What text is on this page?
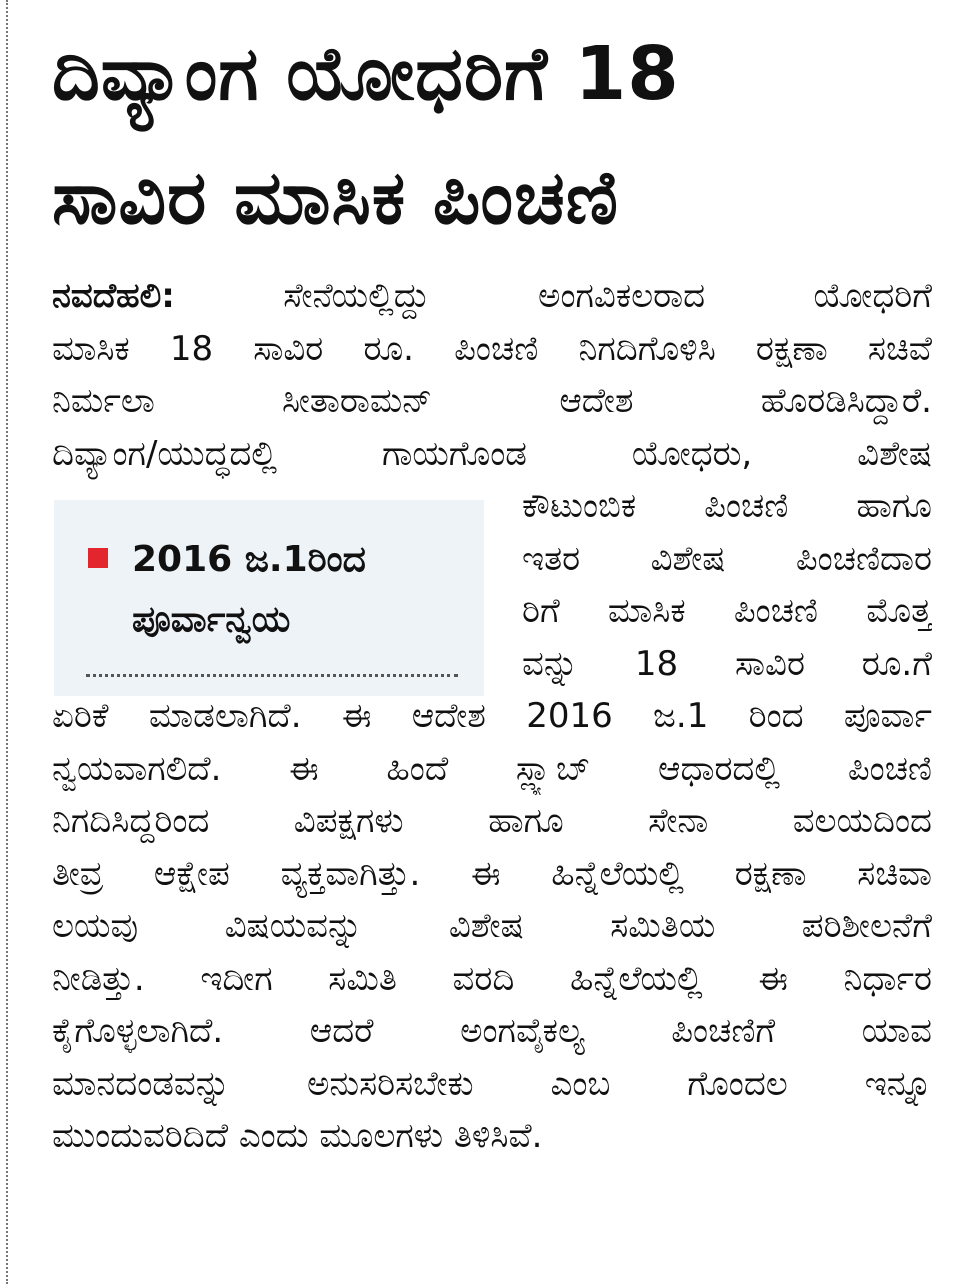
ದಿವ್ಯಾಂಗ ಯೋಧರಿಗೆ 18
ಸಾವಿರ ಮಾಸಿಕ ಪಿಂಚಣಿ
ನವದೆಹಲಿ:	ಸೇನೆಯಲ್ಲಿದ್ದು ಅಂಗವಿಕಲರಾದ ಯೋಧರಿಗೆ
ಮಾಸಿಕ 18 ಸಾವಿರ ರೂ. ಪಿಂಚಣಿ ನಿಗದಿಗೊಳಿಸಿ ರಕ್ಷಣಾ ಸಚಿವೆ
ನಿರ್ಮಲಾ ಸೀತಾರಾಮನ್ ಆದೇಶ ಹೊರಡಿಸಿದ್ದಾರೆ.
ದಿವ್ಯಾಂಗ/ಯುದ್ಧದಲ್ಲಿ ಗಾಯಗೊಂಡ ಯೋಧರು, ವಿಶೇಷ
ಕೌಟುಂಬಿಕ ಪಿಂಚಣಿ ಹಾಗೂ
ಇತರ ವಿಶೇಷ ಪಿಂಚಣಿದಾರ
ರಿಗೆ ಮಾಸಿಕ ಪಿಂಚಣಿ ಮೊತ್ತ
ವನ್ನು 18 ಸಾವಿರ ರೂ.ಗೆ
ಏರಿಕೆ ಮಾಡಲಾಗಿದೆ. ಈ ಆದೇಶ 2016 ಜ.1 ರಿಂದ ಪೂರ್ವಾ
ನ್ವಯವಾಗಲಿದೆ. ಈ ಹಿಂದೆ ಸ್ಲ್ಯಾಬ್ ಆಧಾರದಲ್ಲಿ ಪಿಂಚಣಿ
ನಿಗದಿಸಿದ್ದರಿಂದ ವಿಪಕ್ಷಗಳು ಹಾಗೂ ಸೇನಾ ವಲಯದಿಂದ
ತೀವ್ರ ಆಕ್ಷೇಪ ವ್ಯಕ್ತವಾಗಿತ್ತು. ಈ ಹಿನ್ನೆಲೆಯಲ್ಲಿ ರಕ್ಷಣಾ ಸಚಿವಾ
ಲಯವು ವಿಷಯವನ್ನು ವಿಶೇಷ ಸಮಿತಿಯ ಪರಿಶೀಲನೆಗೆ
ನೀಡಿತ್ತು. ಇದೀಗ ಸಮಿತಿ ವರದಿ ಹಿನ್ನೆಲೆಯಲ್ಲಿ ಈ ನಿರ್ಧಾರ
ಕೈಗೊಳ್ಳಲಾಗಿದೆ. ಆದರೆ ಅಂಗವೈಕಲ್ಯ ಪಿಂಚಣಿಗೆ ಯಾವ
ಮಾನದಂಡವನ್ನು ಅನುಸರಿಸಬೇಕು ಎಂಬ ಗೊಂದಲ ಇನ್ನೂ
ಮುಂದುವರಿದಿದೆ ಎಂದು ಮೂಲಗಳು ತಿಳಿಸಿವೆ.
2016 ಜ.1ರಿಂದ ಪೂರ್ವಾನ್ವಯ
